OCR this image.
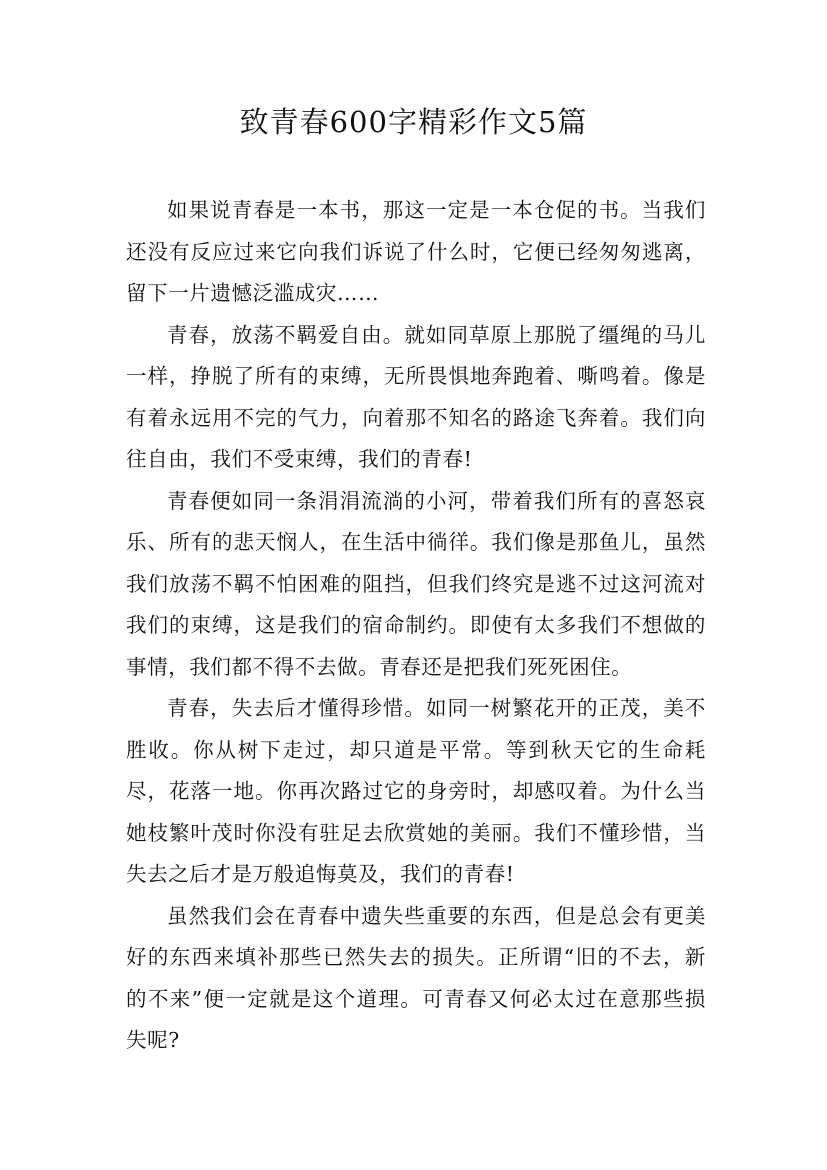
致青春600字精彩作文5篇

如果说青春是一本书，那这一定是一本仓促的书。当我们还没有反应过来它向我们诉说了什么时，它便已经匆匆逃离，留下一片遗憾泛滥成灾……

青春，放荡不羁爱自由。就如同草原上那脱了缰绳的马儿一样，挣脱了所有的束缚，无所畏惧地奔跑着、嘶鸣着。像是有着永远用不完的气力，向着那不知名的路途飞奔着。我们向往自由，我们不受束缚，我们的青春!

青春便如同一条涓涓流淌的小河，带着我们所有的喜怒哀乐、所有的悲天悯人，在生活中徜徉。我们像是那鱼儿，虽然我们放荡不羁不怕困难的阻挡，但我们终究是逃不过这河流对我们的束缚，这是我们的宿命制约。即使有太多我们不想做的事情，我们都不得不去做。青春还是把我们死死困住。

青春，失去后才懂得珍惜。如同一树繁花开的正茂，美不胜收。你从树下走过，却只道是平常。等到秋天它的生命耗尽，花落一地。你再次路过它的身旁时，却感叹着。为什么当她枝繁叶茂时你没有驻足去欣赏她的美丽。我们不懂珍惜，当失去之后才是万般追悔莫及，我们的青春!

虽然我们会在青春中遗失些重要的东西，但是总会有更美好的东西来填补那些已然失去的损失。正所谓“旧的不去，新的不来”便一定就是这个道理。可青春又何必太过在意那些损失呢?
